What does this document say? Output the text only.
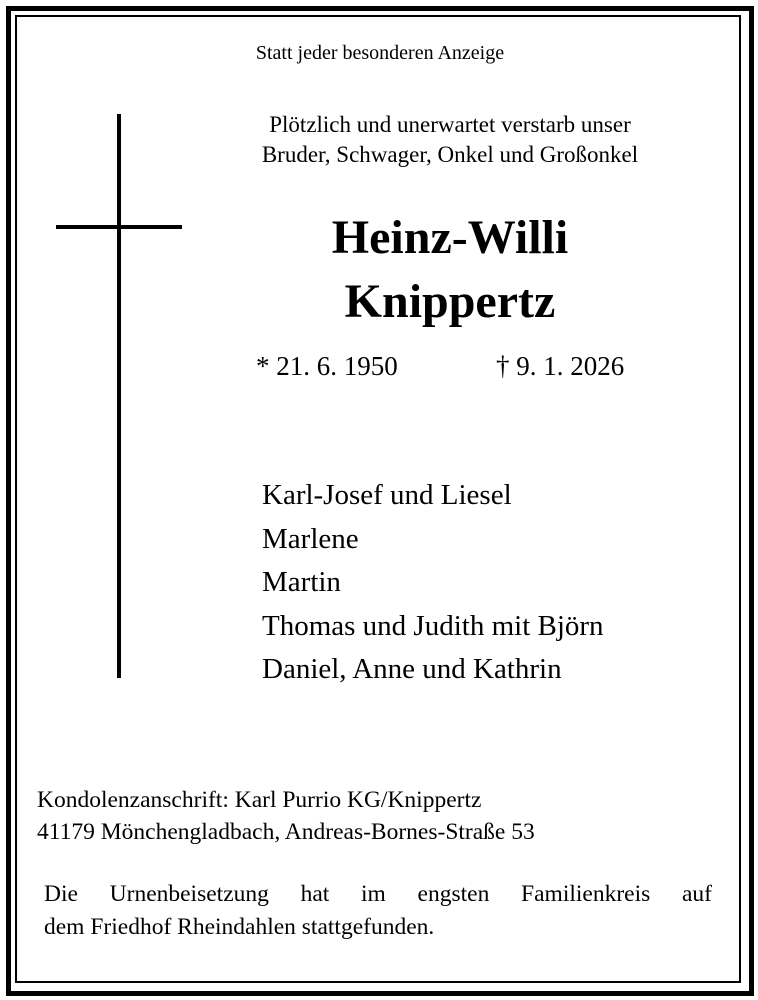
Statt jeder besonderen Anzeige
Plötzlich und unerwartet verstarb unser
Bruder, Schwager, Onkel und Großonkel
Heinz-Willi
Knippertz
* 21. 6. 1950	† 9. 1. 2026
Karl-Josef und Liesel
Marlene
Martin
Thomas und Judith mit Björn
Daniel, Anne und Kathrin
Kondolenzanschrift: Karl Purrio KG/Knippertz
41179 Mönchengladbach, Andreas-Bornes-Straße 53
Die Urnenbeisetzung hat im engsten Familienkreis auf
dem Friedhof Rheindahlen stattgefunden.
